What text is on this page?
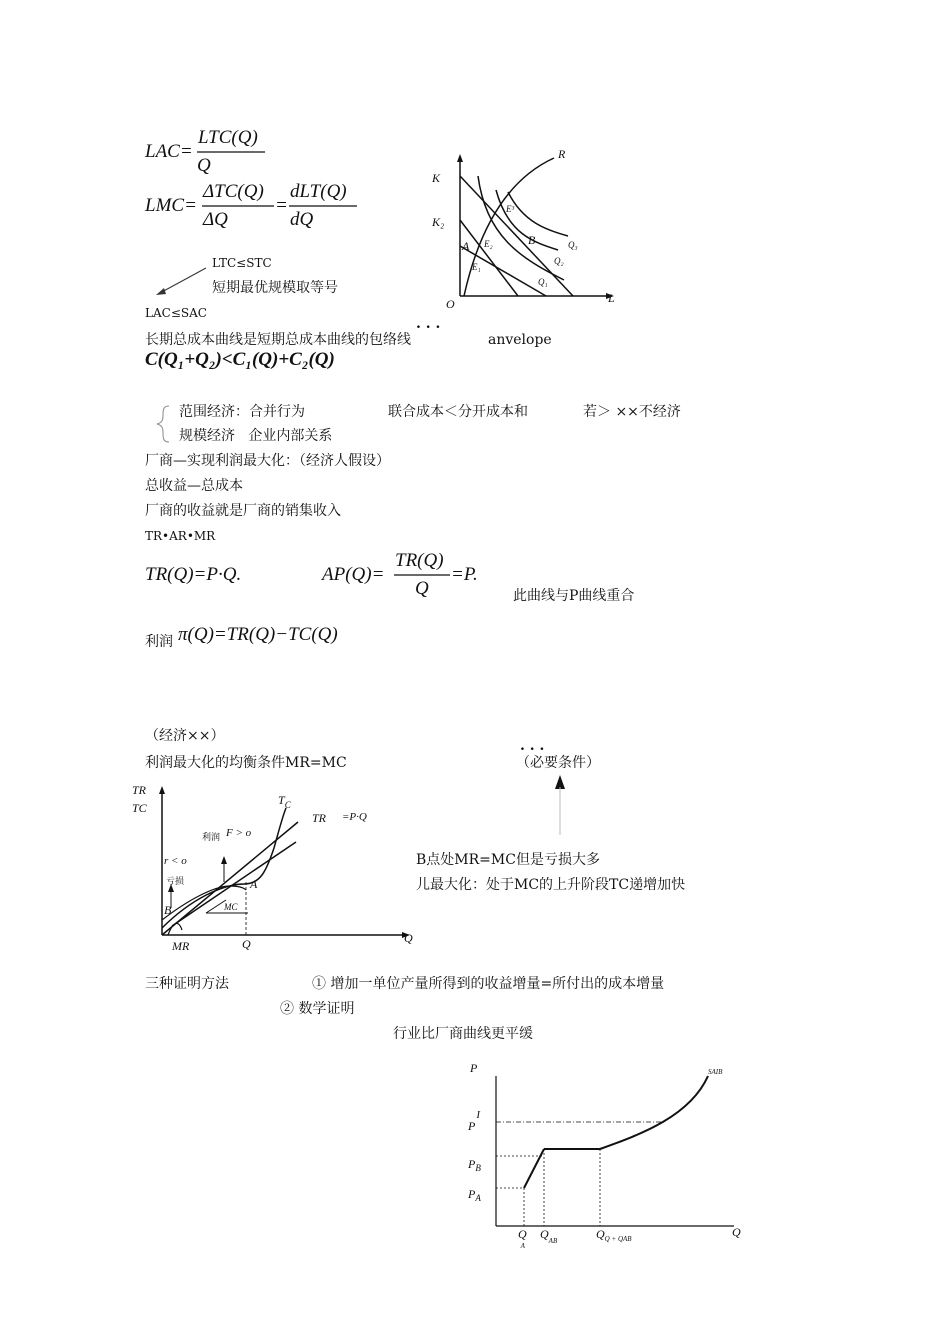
LAC=
LTC(Q)
Q
LMC=
ΔTC(Q)
ΔQ
=
dLT(Q)
dQ
LTC≤STC
短期最优规模取等号
LAC≤SAC
. . .
长期总成本曲线是短期总成本曲线的包络线	anvelope
C(Q₁+Q₂)<C₁(Q)+C₂(Q)
R
K
K₂
E³
A E₂	B	Q₃
Q₂
E₁
Q₁
O	L
范围经济：合并行为	联合成本＜分开成本和	若＞ ××不经济
规模经济   企业内部关系
厂商—实现利润最大化：（经济人假设）
总收益—总成本
厂商的收益就是厂商的销集收入
TR•AR•MR
TR(Q)=P·Q.	AP(Q)=
TR(Q)
Q
=P.
此曲线与P曲线重合
利润 π(Q)=TR(Q)−TC(Q)
（经济××）
利润最大化的均衡条件MR=MC
. . .
（必要条件）
B点处MR=MC但是亏损大多
儿最大化：处于MC的上升阶段TC递增加快
TR
TC
$T_C$
TR =P·Q
利润 F > o
r < o
亏损
B
A
MC
MR	Q	Q
三种证明方法	① 增加一单位产量所得到的收益增量=所付出的成本增量
② 数学证明
行业比厂商曲线更平缓
P	SAIB
PI
$P_B$
$P_A$
Q A
$Q_{AB}$	$Q_{Q + QAB}$	Q
